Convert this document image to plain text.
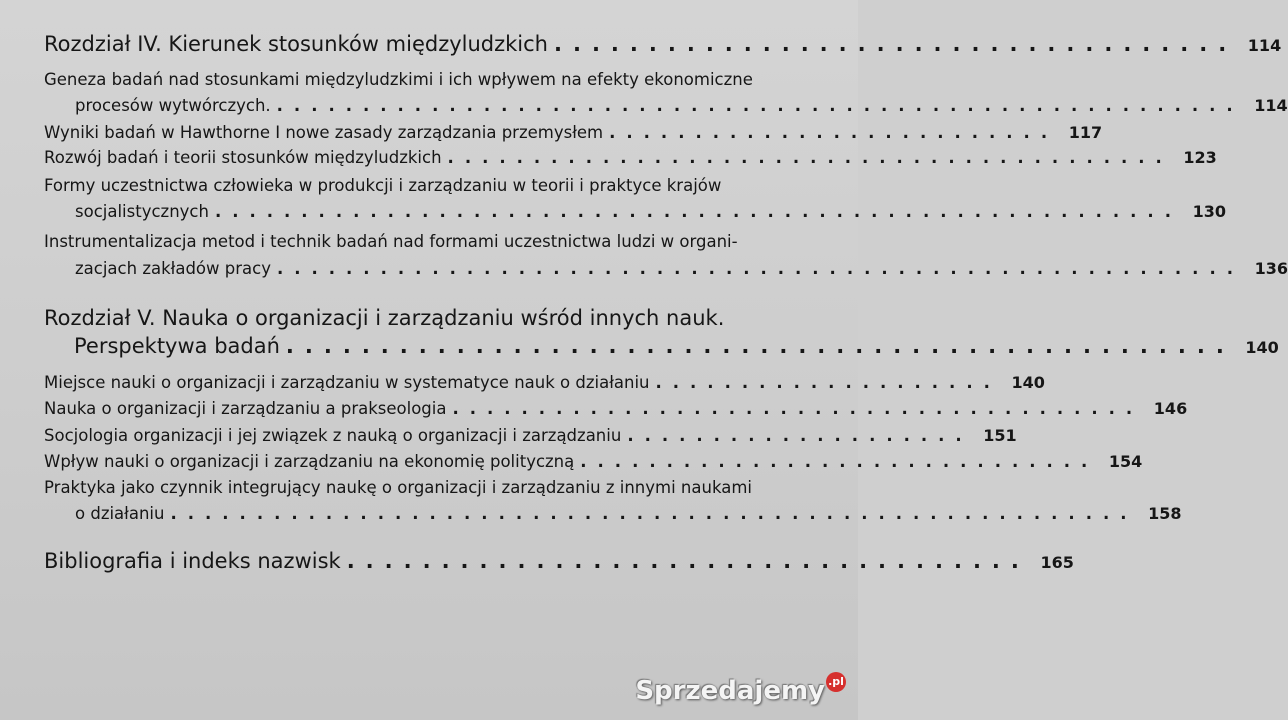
Rozdział IV. Kierunek stosunków międzyludzkich .................................... 114
Geneza badań nad stosunkami międzyludzkimi i ich wpływem na efekty ekonomiczne
procesów wytwórczych. ........................................................ 114
Wyniki badań w Hawthorne I nowe zasady zarządzania przemysłem .......................... 117
Rozwój badań i teorii stosunków międzyludzkich .......................................... 123
Formy uczestnictwa człowieka w produkcji i zarządzaniu w teorii i praktyce krajów
socjalistycznych ........................................................ 130
Instrumentalizacja metod i technik badań nad formami uczestnictwa ludzi w organi-
zacjach zakładów pracy ........................................................ 136
Rozdział V. Nauka o organizacji i zarządzaniu wśród innych nauk.
Perspektywa badań .................................................. 140
Miejsce nauki o organizacji i zarządzaniu w systematyce nauk o działaniu .................... 140
Nauka o organizacji i zarządzaniu a prakseologia ........................................ 146
Socjologia organizacji i jej związek z nauką o organizacji i zarządzaniu .................... 151
Wpływ nauki o organizacji i zarządzaniu na ekonomię polityczną .............................. 154
Praktyka jako czynnik integrujący naukę o organizacji i zarządzaniu z innymi naukami
o działaniu ........................................................ 158
Bibliografia i indeks nazwisk .................................... 165
Sprzedajemy .pl
